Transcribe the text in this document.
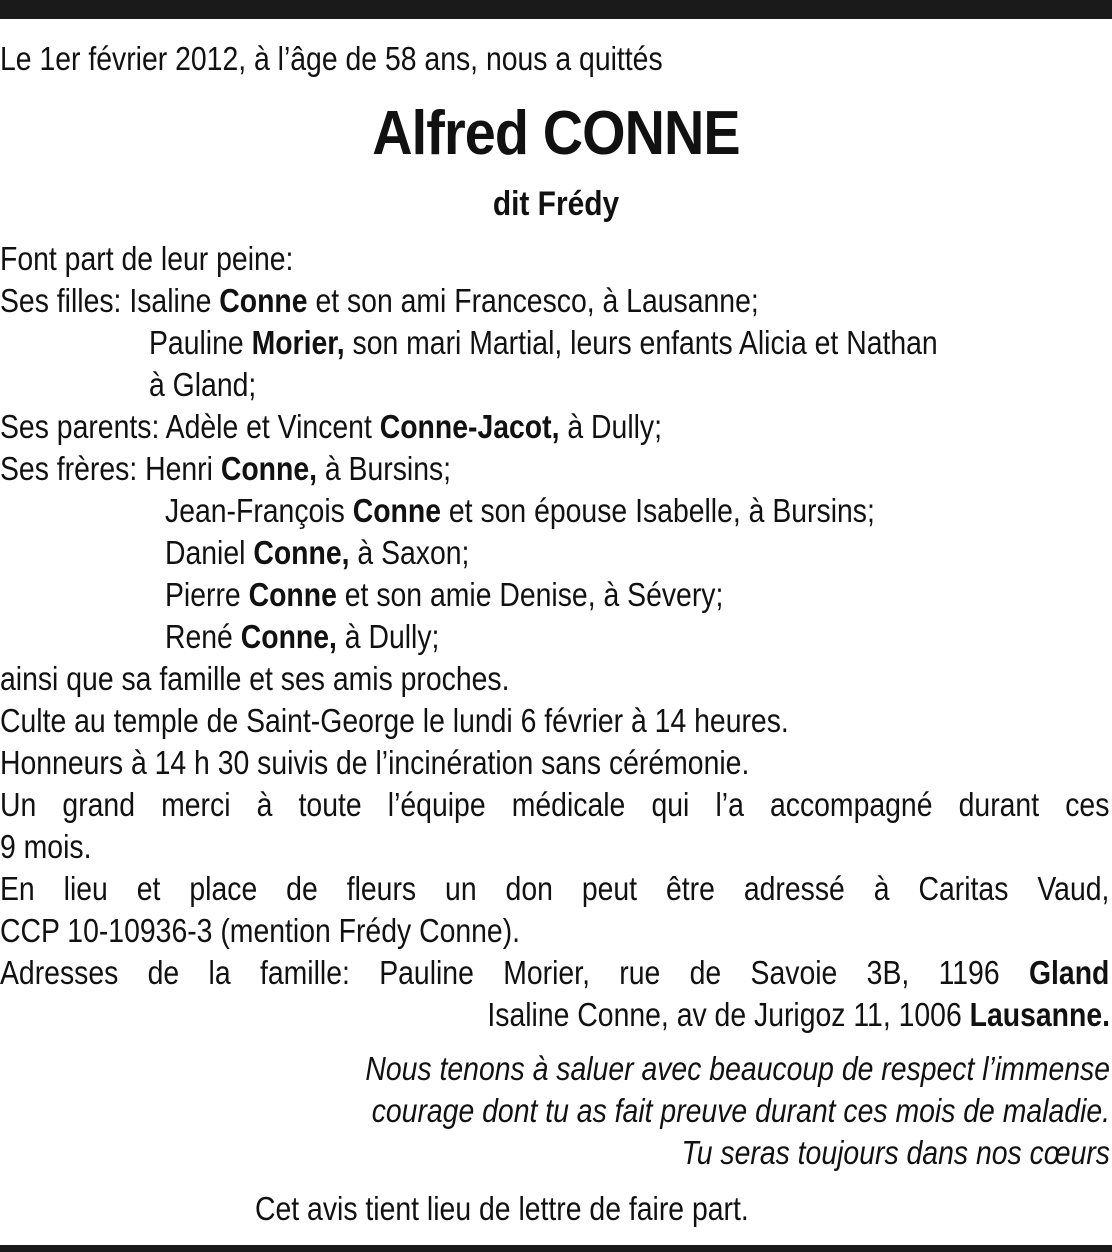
Le 1er février 2012, à l’âge de 58 ans, nous a quittés
Alfred CONNE
dit Frédy
Font part de leur peine:
Ses filles: Isaline Conne et son ami Francesco, à Lausanne;
Pauline Morier, son mari Martial, leurs enfants Alicia et Nathan
à Gland;
Ses parents: Adèle et Vincent Conne-Jacot, à Dully;
Ses frères: Henri Conne, à Bursins;
Jean-François Conne et son épouse Isabelle, à Bursins;
Daniel Conne, à Saxon;
Pierre Conne et son amie Denise, à Sévery;
René Conne, à Dully;
ainsi que sa famille et ses amis proches.
Culte au temple de Saint-George le lundi 6 février à 14 heures.
Honneurs à 14 h 30 suivis de l’incinération sans cérémonie.
Un grand merci à toute l’équipe médicale qui l’a accompagné durant ces
9 mois.
En lieu et place de fleurs un don peut être adressé à Caritas Vaud,
CCP 10-10936-3 (mention Frédy Conne).
Adresses de la famille: Pauline Morier, rue de Savoie 3B, 1196 Gland
Isaline Conne, av de Jurigoz 11, 1006 Lausanne.
Nous tenons à saluer avec beaucoup de respect l’immense
courage dont tu as fait preuve durant ces mois de maladie.
Tu seras toujours dans nos cœurs
Cet avis tient lieu de lettre de faire part.
